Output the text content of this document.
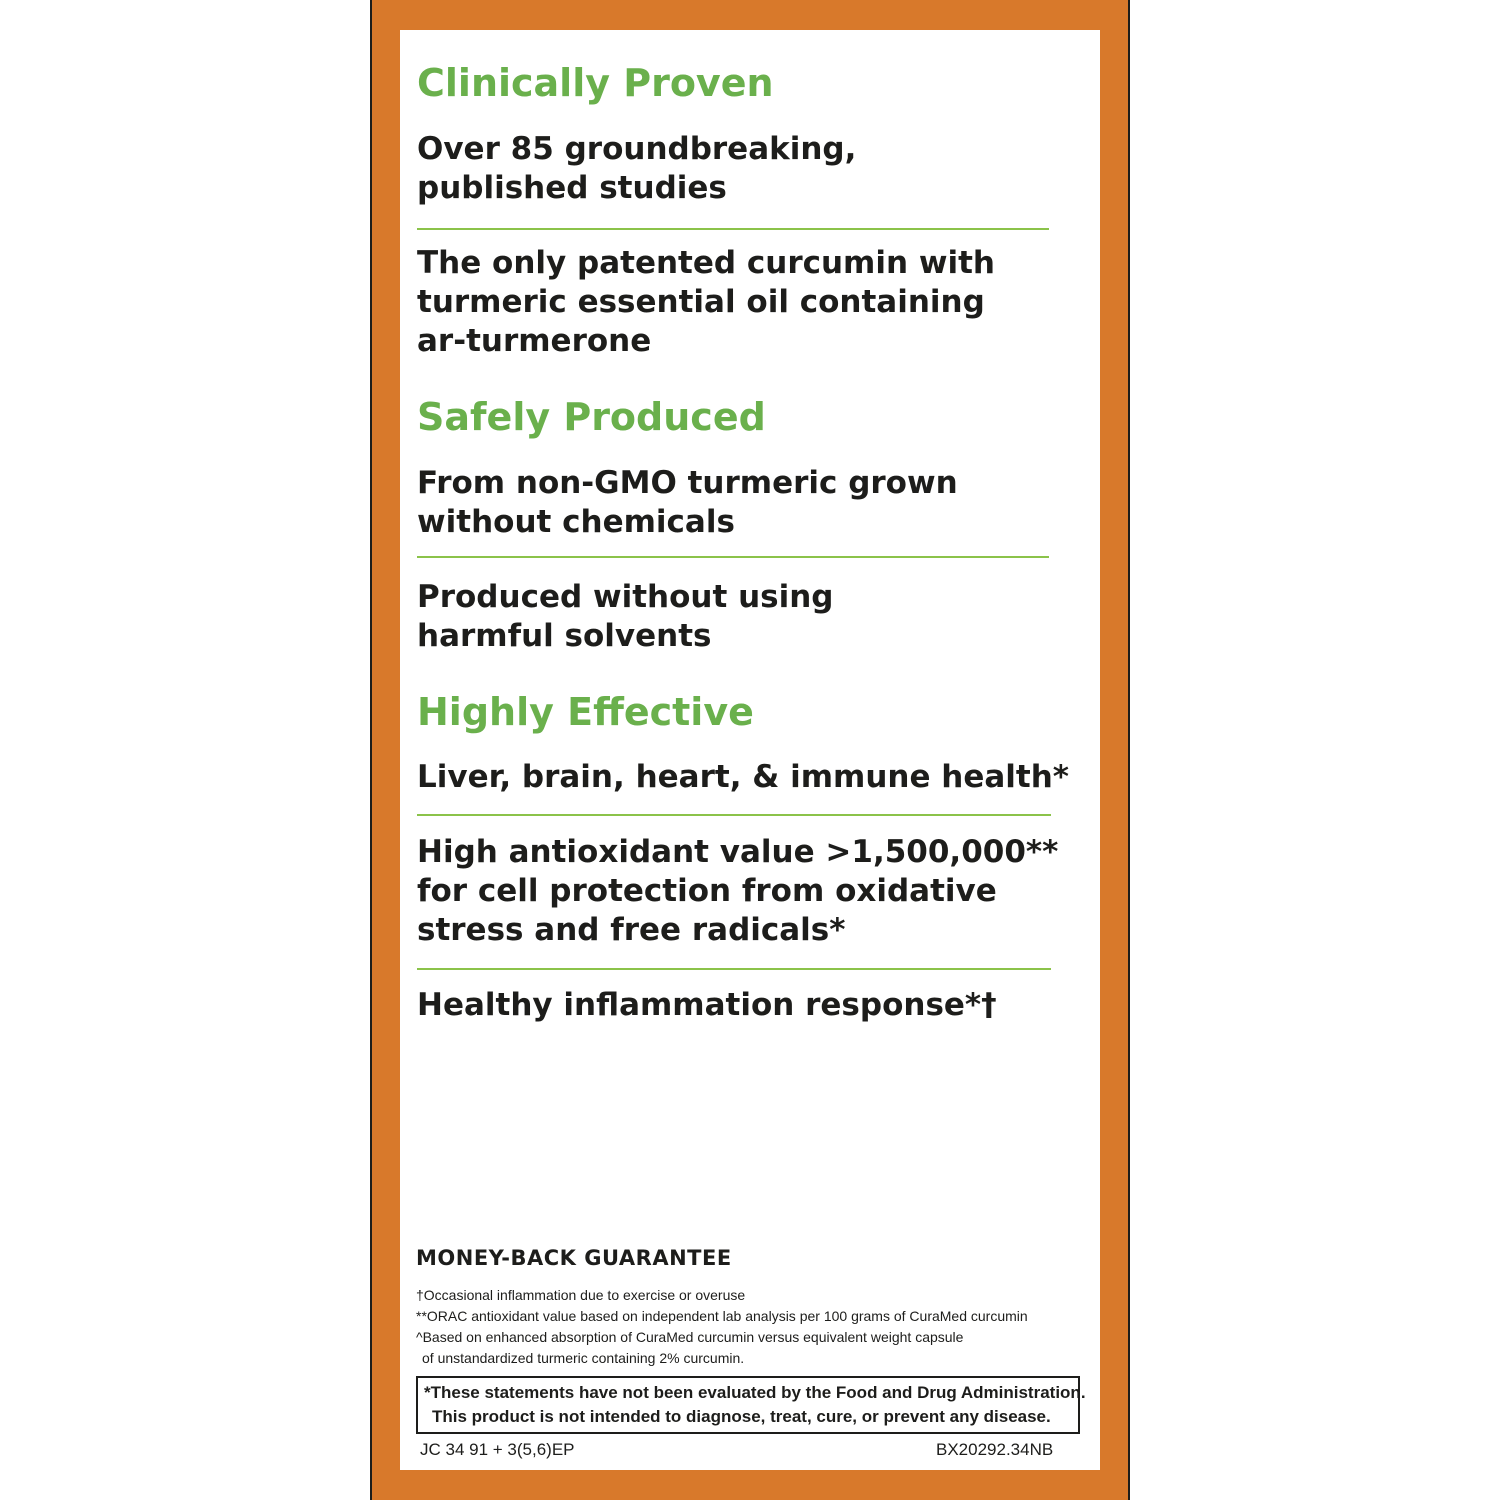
Clinically Proven
Over 85 groundbreaking,
published studies
The only patented curcumin with
turmeric essential oil containing
ar-turmerone
Safely Produced
From non-GMO turmeric grown
without chemicals
Produced without using
harmful solvents
Highly Effective
Liver, brain, heart, & immune health*
High antioxidant value >1,500,000**
for cell protection from oxidative
stress and free radicals*
Healthy inflammation response*†
MONEY-BACK GUARANTEE
†Occasional inflammation due to exercise or overuse
**ORAC antioxidant value based on independent lab analysis per 100 grams of CuraMed curcumin
^Based on enhanced absorption of CuraMed curcumin versus equivalent weight capsule
of unstandardized turmeric containing 2% curcumin.
*These statements have not been evaluated by the Food and Drug Administration.
This product is not intended to diagnose, treat, cure, or prevent any disease.
JC 34 91 + 3(5,6)EP	BX20292.34NB
